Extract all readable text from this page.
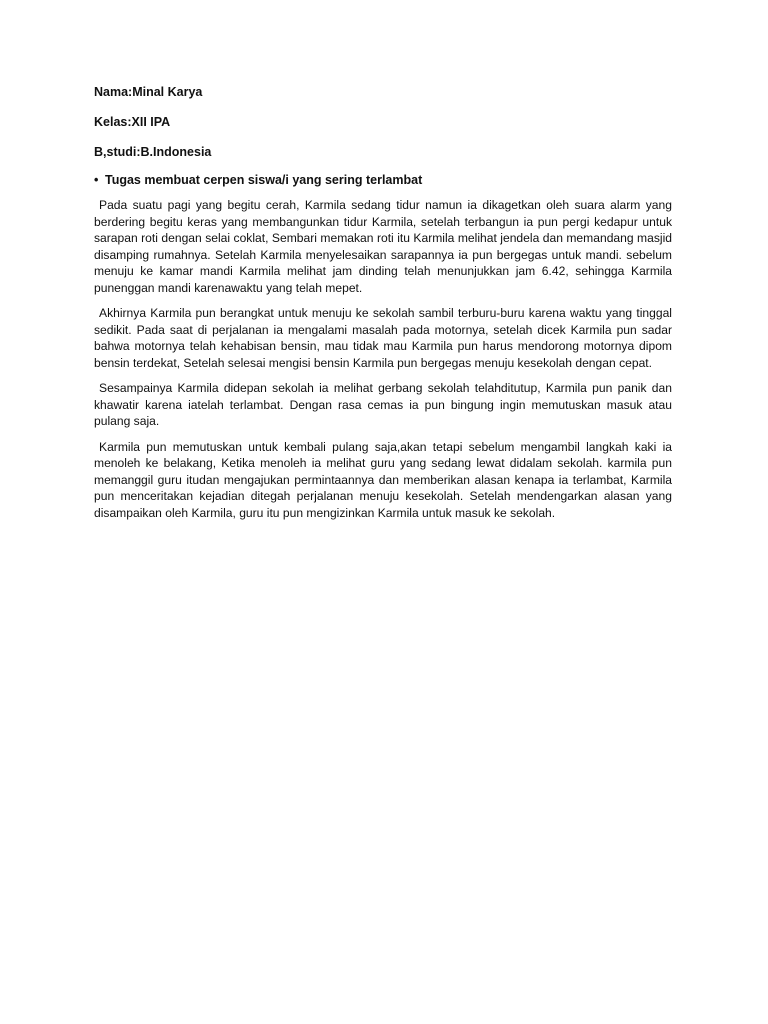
Nama:Minal Karya

Kelas:XII IPA

B,studi:B.Indonesia

• Tugas membuat cerpen siswa/i yang sering terlambat

Pada suatu pagi yang begitu cerah, Karmila sedang tidur namun ia dikagetkan oleh suara alarm yang berdering begitu keras yang membangunkan tidur Karmila, setelah terbangun ia pun pergi kedapur untuk sarapan roti dengan selai coklat, Sembari memakan roti itu Karmila melihat jendela dan memandang masjid disamping rumahnya. Setelah Karmila menyelesaikan sarapannya ia pun bergegas untuk mandi. sebelum menuju ke kamar mandi Karmila melihat jam dinding telah menunjukkan jam 6.42, sehingga Karmila punenggan mandi karenawaktu yang telah mepet.

Akhirnya Karmila pun berangkat untuk menuju ke sekolah sambil terburu-buru karena waktu yang tinggal sedikit. Pada saat di perjalanan ia mengalami masalah pada motornya, setelah dicek Karmila pun sadar bahwa motornya telah kehabisan bensin, mau tidak mau Karmila pun harus mendorong motornya dipom bensin terdekat, Setelah selesai mengisi bensin Karmila pun bergegas menuju kesekolah dengan cepat.

Sesampainya Karmila didepan sekolah ia melihat gerbang sekolah telahditutup, Karmila pun panik dan khawatir karena iatelah terlambat. Dengan rasa cemas ia pun bingung ingin memutuskan masuk atau pulang saja.

Karmila pun memutuskan untuk kembali pulang saja,akan tetapi sebelum mengambil langkah kaki ia menoleh ke belakang, Ketika menoleh ia melihat guru yang sedang lewat didalam sekolah. karmila pun memanggil guru itudan mengajukan permintaannya dan memberikan alasan kenapa ia terlambat, Karmila pun menceritakan kejadian ditegah perjalanan menuju kesekolah. Setelah mendengarkan alasan yang disampaikan oleh Karmila, guru itu pun mengizinkan Karmila untuk masuk ke sekolah.
